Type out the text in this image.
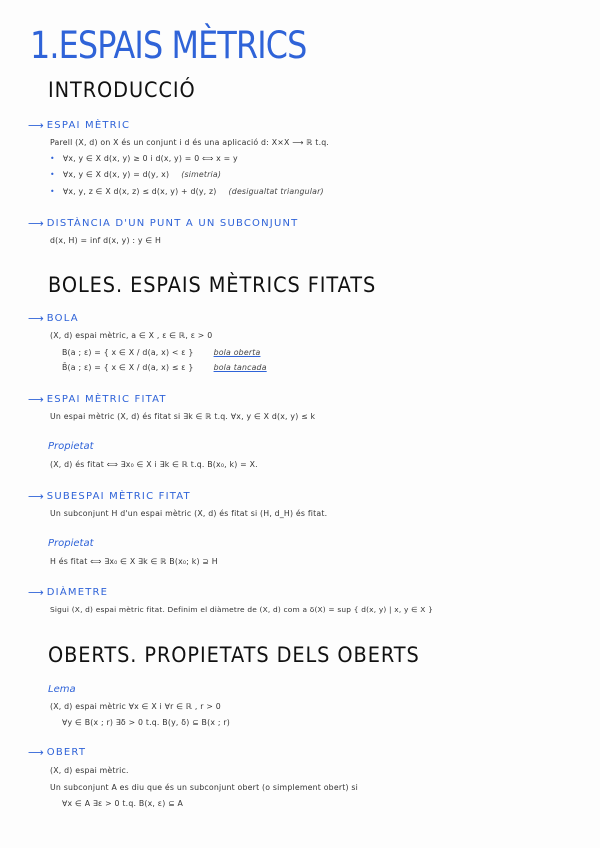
1.ESPAIS MÈTRICS
INTRODUCCIÓ
⟶ ESPAI MÈTRIC
Parell (X, d) on X és un conjunt i d és una aplicació d: X×X ⟶ ℝ t.q.
• ∀x, y ∈ X d(x, y) ≥ 0 i d(x, y) = 0 ⟺ x = y
• ∀x, y ∈ X d(x, y) = d(y, x) (simetria)
• ∀x, y, z ∈ X d(x, z) ≤ d(x, y) + d(y, z) (desigualtat triangular)
⟶ DISTÀNCIA D'UN PUNT A UN SUBCONJUNT
d(x, H) = inf d(x, y) : y ∈ H
BOLES. ESPAIS MÈTRICS FITATS
⟶ BOLA
(X, d) espai mètric, a ∈ X , ε ∈ ℝ, ε > 0
B(a ; ε) = { x ∈ X / d(a, x) < ε }	bola oberta
B̄(a ; ε) = { x ∈ X / d(a, x) ≤ ε }	bola tancada
⟶ ESPAI MÈTRIC FITAT
Un espai mètric (X, d) és fitat si ∃k ∈ ℝ t.q. ∀x, y ∈ X d(x, y) ≤ k
Propietat
(X, d) és fitat ⟺ ∃x₀ ∈ X i ∃k ∈ ℝ t.q. B(x₀, k) = X.
⟶ SUBESPAI MÈTRIC FITAT
Un subconjunt H d'un espai mètric (X, d) és fitat si (H, d_H) és fitat.
Propietat
H és fitat ⟺ ∃x₀ ∈ X ∃k ∈ ℝ B(x₀; k) ⊇ H
⟶ DIÀMETRE
Sigui (X, d) espai mètric fitat. Definim el diàmetre de (X, d) com a δ(X) = sup { d(x, y) | x, y ∈ X }
OBERTS. PROPIETATS DELS OBERTS
Lema
(X, d) espai mètric ∀x ∈ X i ∀r ∈ ℝ , r > 0
∀y ∈ B(x ; r) ∃δ > 0 t.q. B(y, δ) ⊆ B(x ; r)
⟶ OBERT
(X, d) espai mètric.
Un subconjunt A es diu que és un subconjunt obert (o simplement obert) si
∀x ∈ A ∃ε > 0 t.q. B(x, ε) ⊆ A
